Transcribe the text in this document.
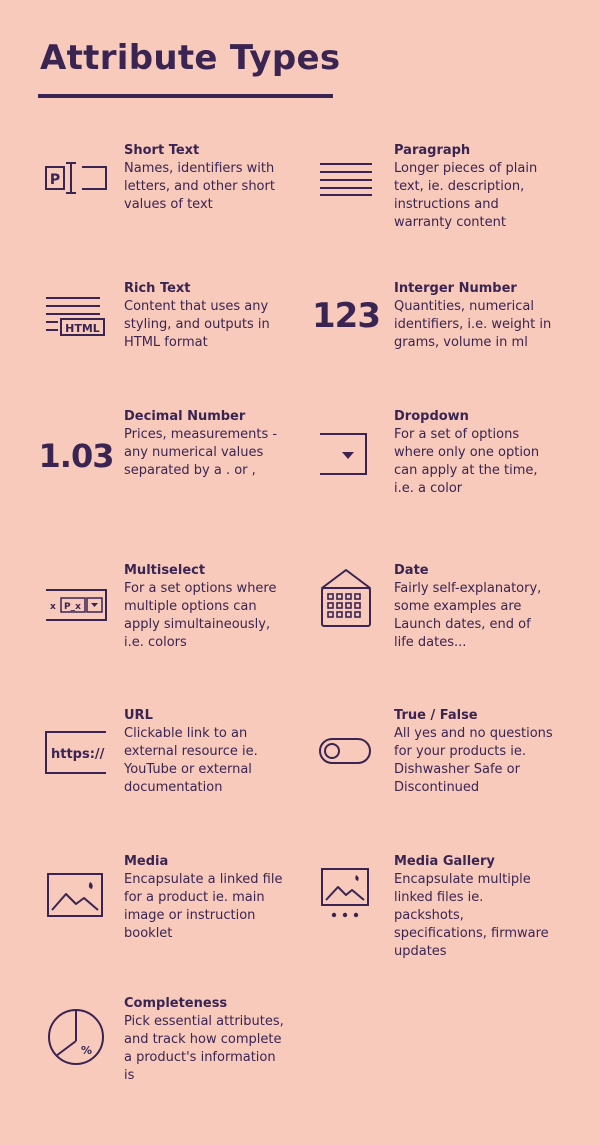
Attribute Types
P
Short Text
Names, identifiers with letters, and other short values of text
Paragraph
Longer pieces of plain text, ie. description, instructions and warranty content
HTML
Rich Text
Content that uses any styling, and outputs in HTML format
123
Interger Number
Quantities, numerical identifiers, i.e. weight in grams, volume in ml
1.03
Decimal Number
Prices, measurements - any numerical values separated by a . or ,
Dropdown
For a set of options where only one option can apply at the time, i.e. a color
x P_x
Multiselect
For a set options where multiple options can apply simultaineously, i.e. colors
Date
Fairly self-explanatory, some examples are Launch dates, end of life dates...
https://
URL
Clickable link to an external resource ie. YouTube or external documentation
True / False
All yes and no questions for your products ie. Dishwasher Safe or Discontinued
Media
Encapsulate a linked file for a product ie. main image or instruction booklet
Media Gallery
Encapsulate multiple linked files ie. packshots, specifications, firmware updates
%
Completeness
Pick essential attributes, and track how complete a product's information is
